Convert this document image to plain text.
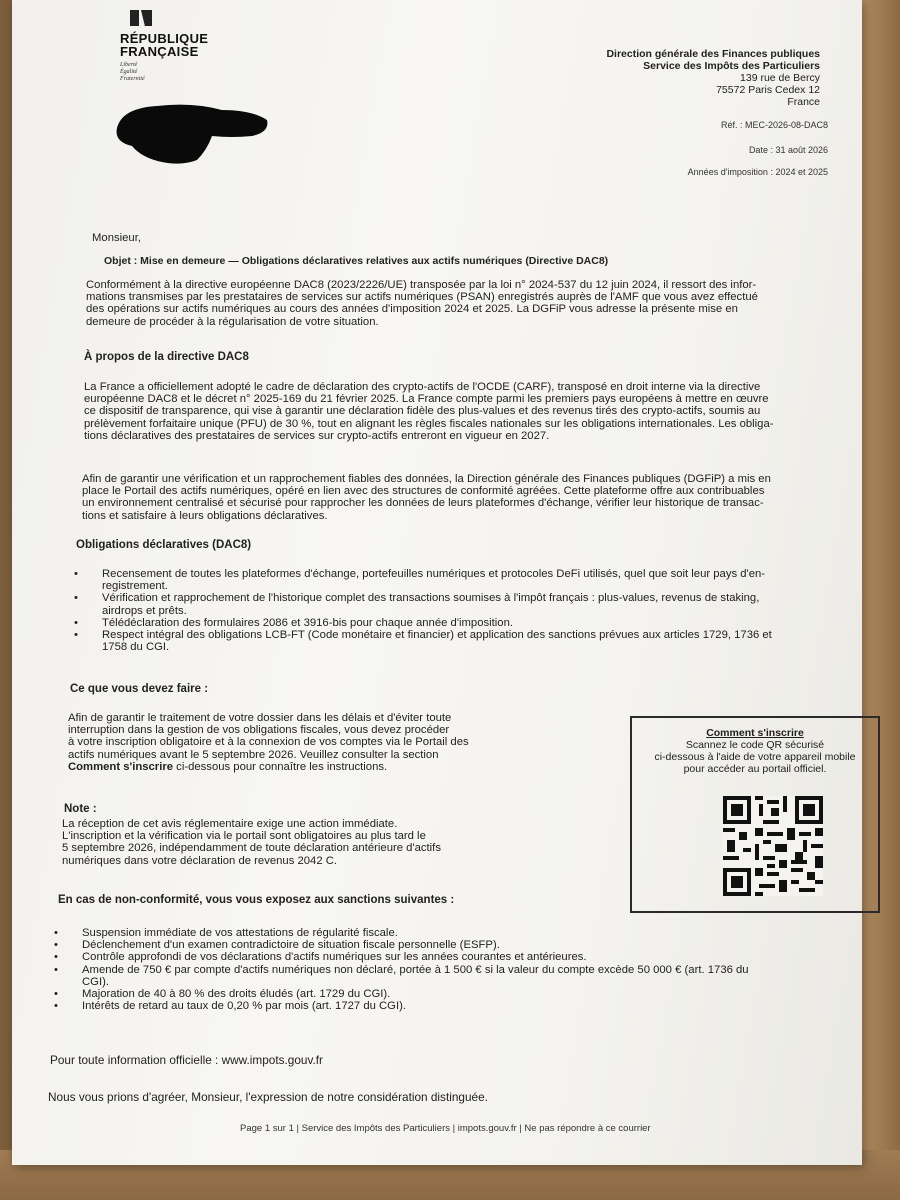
RÉPUBLIQUE
FRANÇAISE
Liberté
Égalité
Fraternité
Direction générale des Finances publiques
Service des Impôts des Particuliers
139 rue de Bercy
75572 Paris Cedex 12
France
Réf. : MEC-2026-08-DAC8
Date : 31 août 2026
Années d'imposition : 2024 et 2025
Monsieur,
Objet : Mise en demeure — Obligations déclaratives relatives aux actifs numériques (Directive DAC8)
Conformément à la directive européenne DAC8 (2023/2226/UE) transposée par la loi n° 2024-537 du 12 juin 2024, il ressort des infor-
mations transmises par les prestataires de services sur actifs numériques (PSAN) enregistrés auprès de l'AMF que vous avez effectué
des opérations sur actifs numériques au cours des années d'imposition 2024 et 2025. La DGFiP vous adresse la présente mise en
demeure de procéder à la régularisation de votre situation.
À propos de la directive DAC8
La France a officiellement adopté le cadre de déclaration des crypto-actifs de l'OCDE (CARF), transposé en droit interne via la directive
européenne DAC8 et le décret n° 2025-169 du 21 février 2025. La France compte parmi les premiers pays européens à mettre en œuvre
ce dispositif de transparence, qui vise à garantir une déclaration fidèle des plus-values et des revenus tirés des crypto-actifs, soumis au
prélèvement forfaitaire unique (PFU) de 30 %, tout en alignant les règles fiscales nationales sur les obligations internationales. Les obliga-
tions déclaratives des prestataires de services sur crypto-actifs entreront en vigueur en 2027.
Afin de garantir une vérification et un rapprochement fiables des données, la Direction générale des Finances publiques (DGFiP) a mis en
place le Portail des actifs numériques, opéré en lien avec des structures de conformité agréées. Cette plateforme offre aux contribuables
un environnement centralisé et sécurisé pour rapprocher les données de leurs plateformes d'échange, vérifier leur historique de transac-
tions et satisfaire à leurs obligations déclaratives.
Obligations déclaratives (DAC8)
• Recensement de toutes les plateformes d'échange, portefeuilles numériques et protocoles DeFi utilisés, quel que soit leur pays d'en-
registrement.
• Vérification et rapprochement de l'historique complet des transactions soumises à l'impôt français : plus-values, revenus de staking,
airdrops et prêts.
• Télédéclaration des formulaires 2086 et 3916-bis pour chaque année d'imposition.
• Respect intégral des obligations LCB-FT (Code monétaire et financier) et application des sanctions prévues aux articles 1729, 1736 et
1758 du CGI.
Ce que vous devez faire :
Afin de garantir le traitement de votre dossier dans les délais et d'éviter toute
interruption dans la gestion de vos obligations fiscales, vous devez procéder
à votre inscription obligatoire et à la connexion de vos comptes via le Portail des
actifs numériques avant le 5 septembre 2026. Veuillez consulter la section
Comment s'inscrire ci-dessous pour connaître les instructions.
Note :
La réception de cet avis réglementaire exige une action immédiate.
L'inscription et la vérification via le portail sont obligatoires au plus tard le
5 septembre 2026, indépendamment de toute déclaration antérieure d'actifs
numériques dans votre déclaration de revenus 2042 C.
Comment s'inscrire
Scannez le code QR sécurisé
ci-dessous à l'aide de votre appareil mobile
pour accéder au portail officiel.
En cas de non-conformité, vous vous exposez aux sanctions suivantes :
• Suspension immédiate de vos attestations de régularité fiscale.
• Déclenchement d'un examen contradictoire de situation fiscale personnelle (ESFP).
• Contrôle approfondi de vos déclarations d'actifs numériques sur les années courantes et antérieures.
• Amende de 750 € par compte d'actifs numériques non déclaré, portée à 1 500 € si la valeur du compte excède 50 000 € (art. 1736 du
CGI).
• Majoration de 40 à 80 % des droits éludés (art. 1729 du CGI).
• Intérêts de retard au taux de 0,20 % par mois (art. 1727 du CGI).
Pour toute information officielle : www.impots.gouv.fr
Nous vous prions d'agréer, Monsieur, l'expression de notre considération distinguée.
Page 1 sur 1 | Service des Impôts des Particuliers | impots.gouv.fr | Ne pas répondre à ce courrier
